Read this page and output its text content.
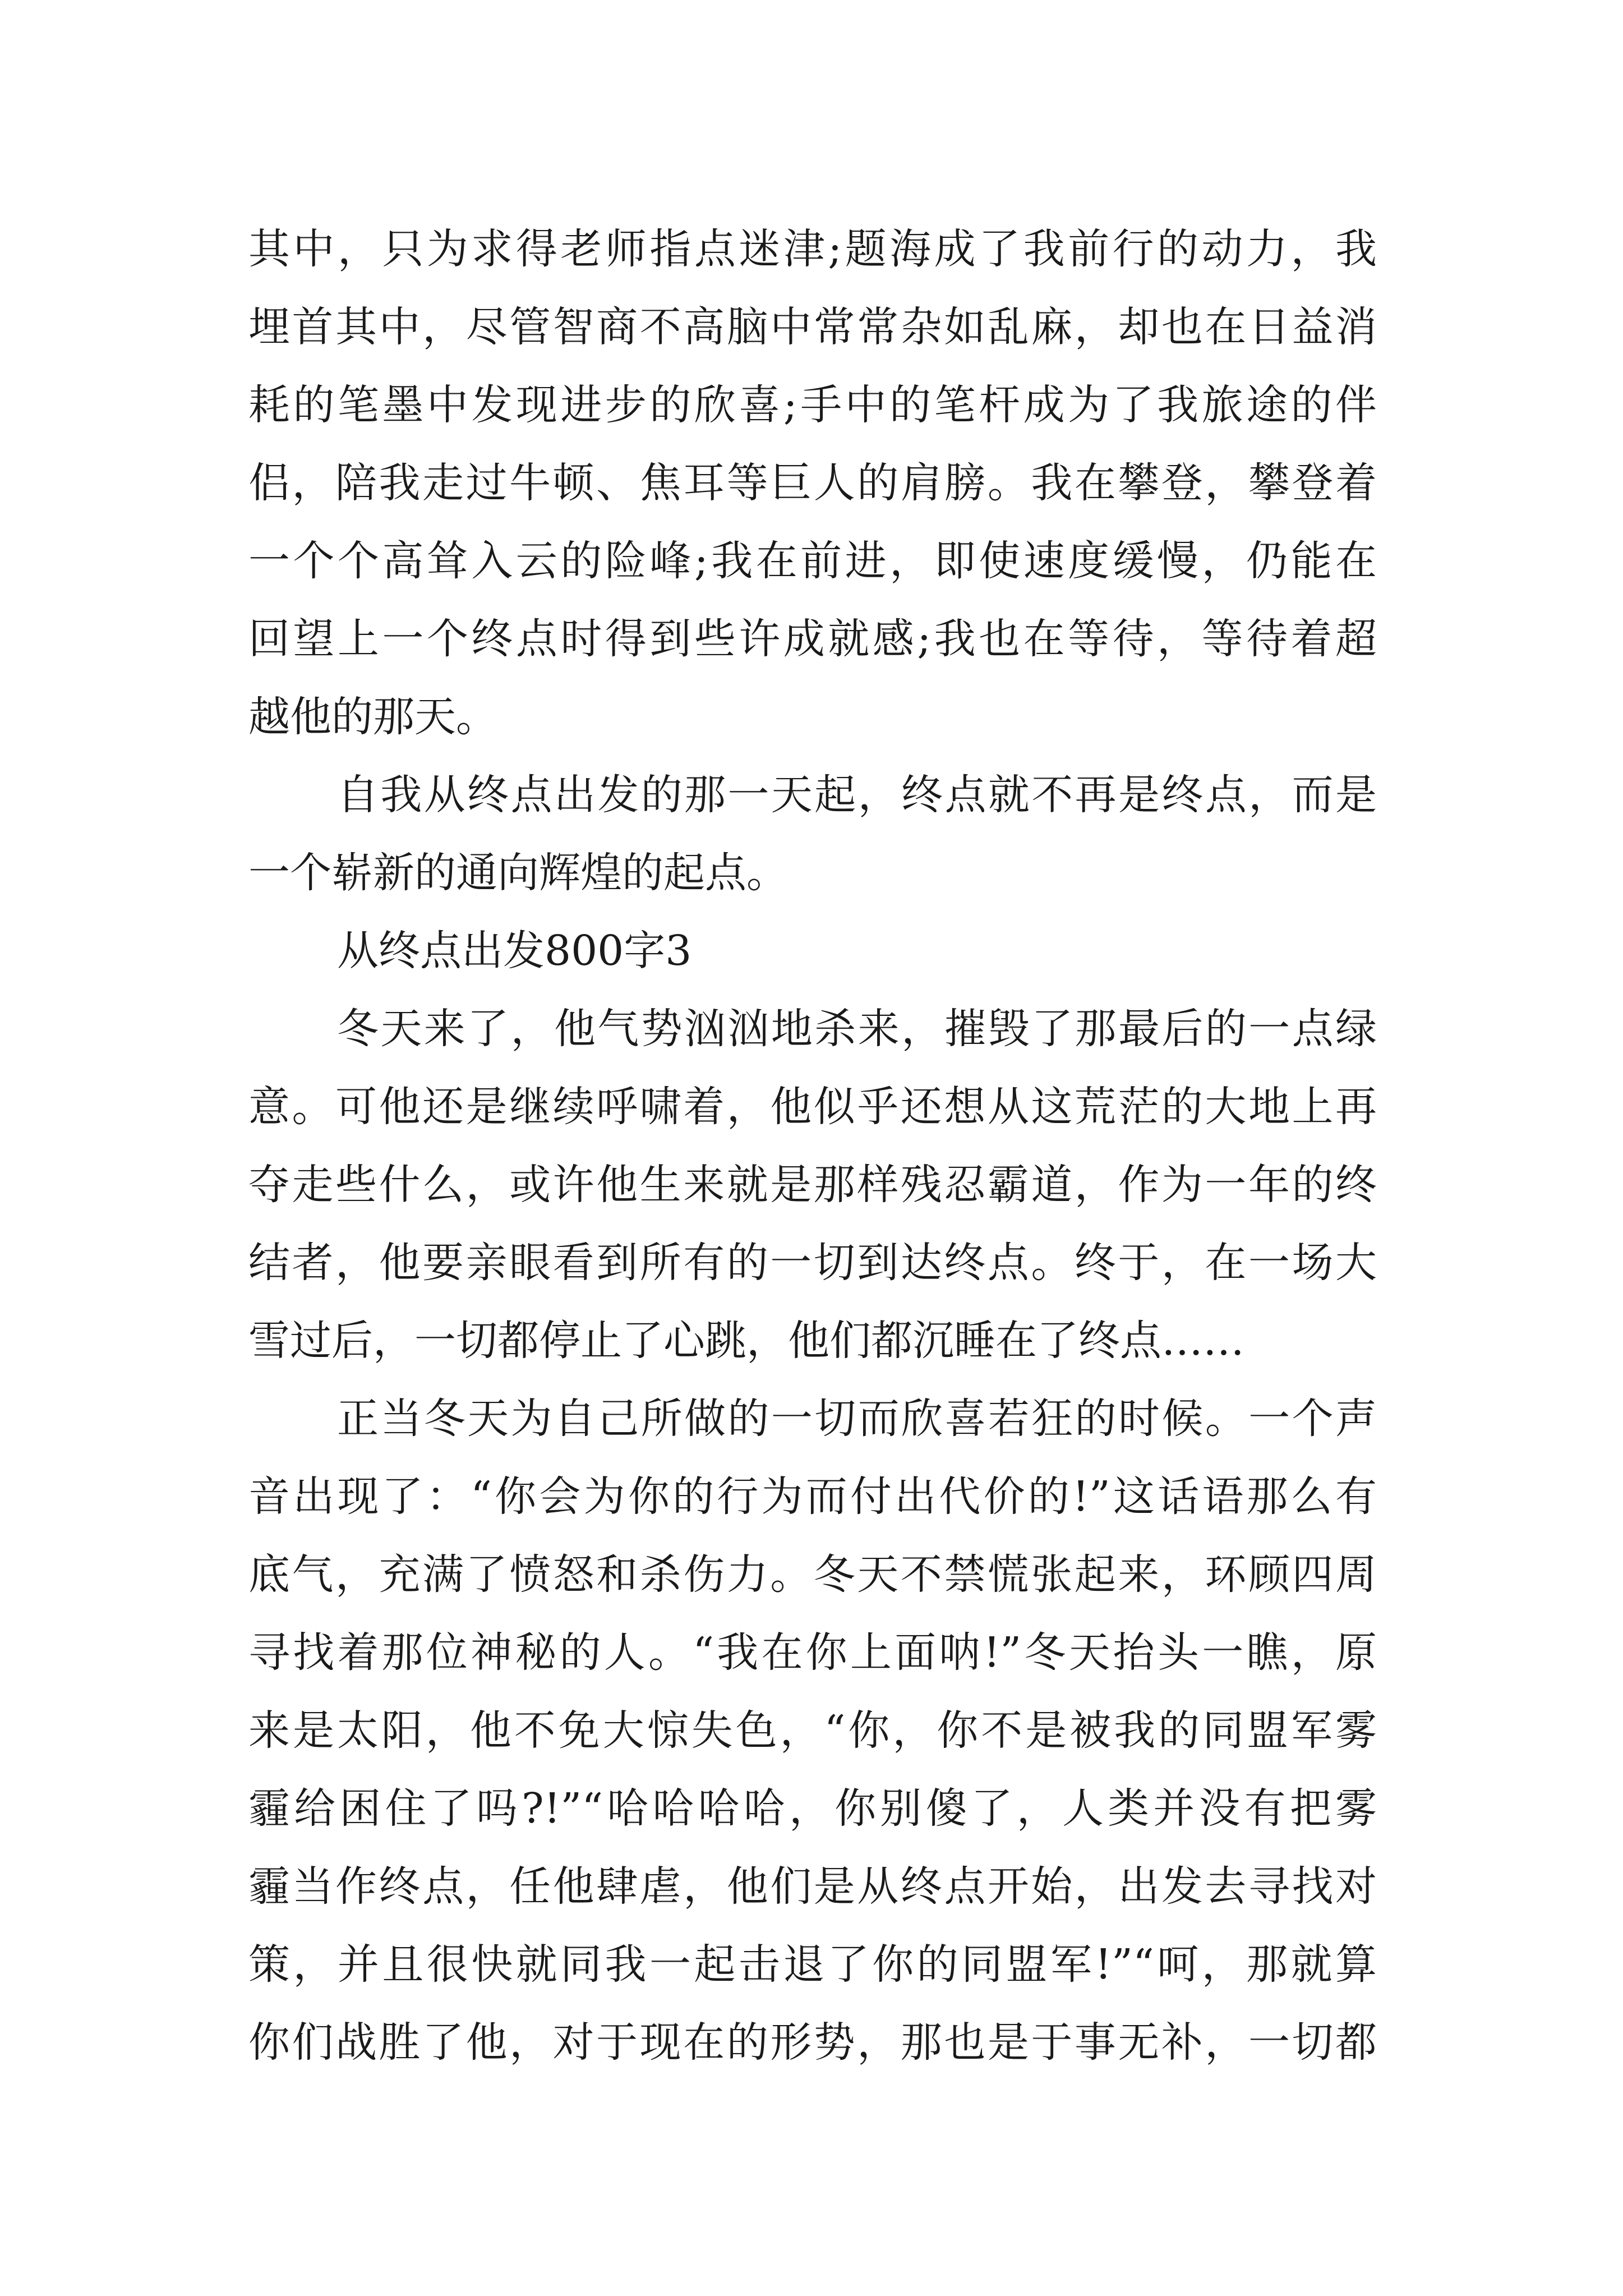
其中，只为求得老师指点迷津;题海成了我前行的动力，我
埋首其中，尽管智商不高脑中常常杂如乱麻，却也在日益消
耗的笔墨中发现进步的欣喜;手中的笔杆成为了我旅途的伴
侣，陪我走过牛顿、焦耳等巨人的肩膀。我在攀登，攀登着
一个个高耸入云的险峰;我在前进，即使速度缓慢，仍能在
回望上一个终点时得到些许成就感;我也在等待，等待着超
越他的那天。
自我从终点出发的那一天起，终点就不再是终点，而是
一个崭新的通向辉煌的起点。
从终点出发800字3
冬天来了，他气势汹汹地杀来，摧毁了那最后的一点绿
意。可他还是继续呼啸着，他似乎还想从这荒茫的大地上再
夺走些什么，或许他生来就是那样残忍霸道，作为一年的终
结者，他要亲眼看到所有的一切到达终点。终于，在一场大
雪过后，一切都停止了心跳，他们都沉睡在了终点……
正当冬天为自己所做的一切而欣喜若狂的时候。一个声
音出现了：“你会为你的行为而付出代价的!”这话语那么有
底气，充满了愤怒和杀伤力。冬天不禁慌张起来，环顾四周
寻找着那位神秘的人。“我在你上面呐!”冬天抬头一瞧，原
来是太阳，他不免大惊失色，“你，你不是被我的同盟军雾
霾给困住了吗?!”“哈哈哈哈，你别傻了，人类并没有把雾
霾当作终点，任他肆虐，他们是从终点开始，出发去寻找对
策，并且很快就同我一起击退了你的同盟军!”“呵，那就算
你们战胜了他，对于现在的形势，那也是于事无补，一切都
